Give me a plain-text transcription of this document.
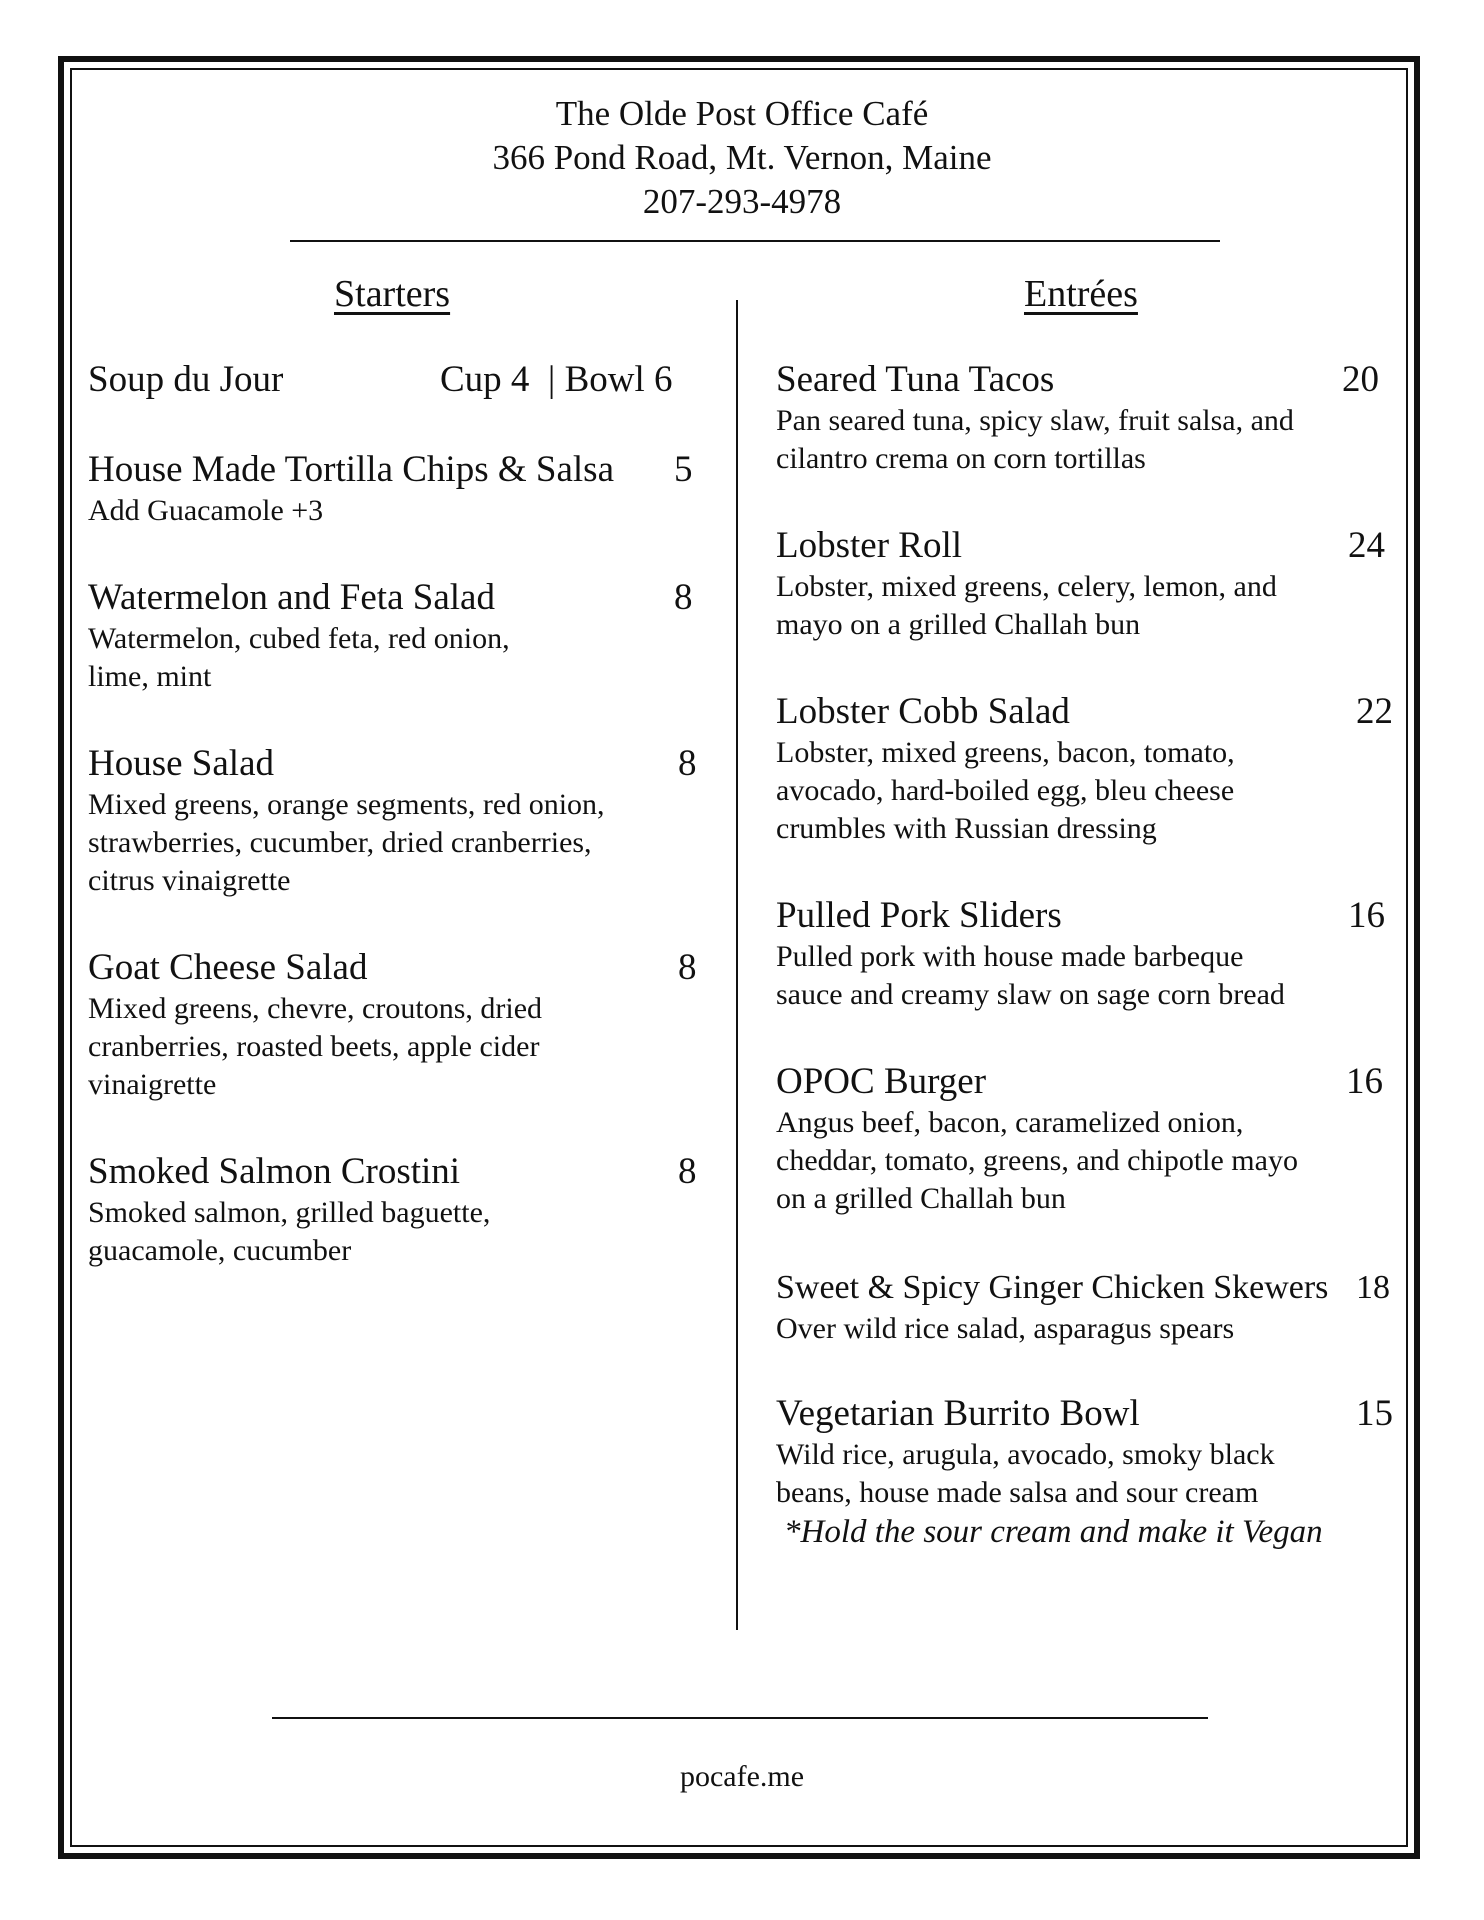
The Olde Post Office Café
366 Pond Road, Mt. Vernon, Maine
207-293-4978
Starters	Entrées
Soup du Jour	Cup 4  | Bowl 6
House Made Tortilla Chips & Salsa	5
Add Guacamole +3
Watermelon and Feta Salad	8
Watermelon, cubed feta, red onion,
lime, mint
House Salad	8
Mixed greens, orange segments, red onion,
strawberries, cucumber, dried cranberries,
citrus vinaigrette
Goat Cheese Salad	8
Mixed greens, chevre, croutons, dried
cranberries, roasted beets, apple cider
vinaigrette
Smoked Salmon Crostini	8
Smoked salmon, grilled baguette,
guacamole, cucumber
Seared Tuna Tacos	20
Pan seared tuna, spicy slaw, fruit salsa, and
cilantro crema on corn tortillas
Lobster Roll	24
Lobster, mixed greens, celery, lemon, and
mayo on a grilled Challah bun
Lobster Cobb Salad	22
Lobster, mixed greens, bacon, tomato,
avocado, hard-boiled egg, bleu cheese
crumbles with Russian dressing
Pulled Pork Sliders	16
Pulled pork with house made barbeque
sauce and creamy slaw on sage corn bread
OPOC Burger	16
Angus beef, bacon, caramelized onion,
cheddar, tomato, greens, and chipotle mayo
on a grilled Challah bun
Sweet & Spicy Ginger Chicken Skewers 18
Over wild rice salad, asparagus spears
Vegetarian Burrito Bowl	15
Wild rice, arugula, avocado, smoky black
beans, house made salsa and sour cream
*Hold the sour cream and make it Vegan
pocafe.me
